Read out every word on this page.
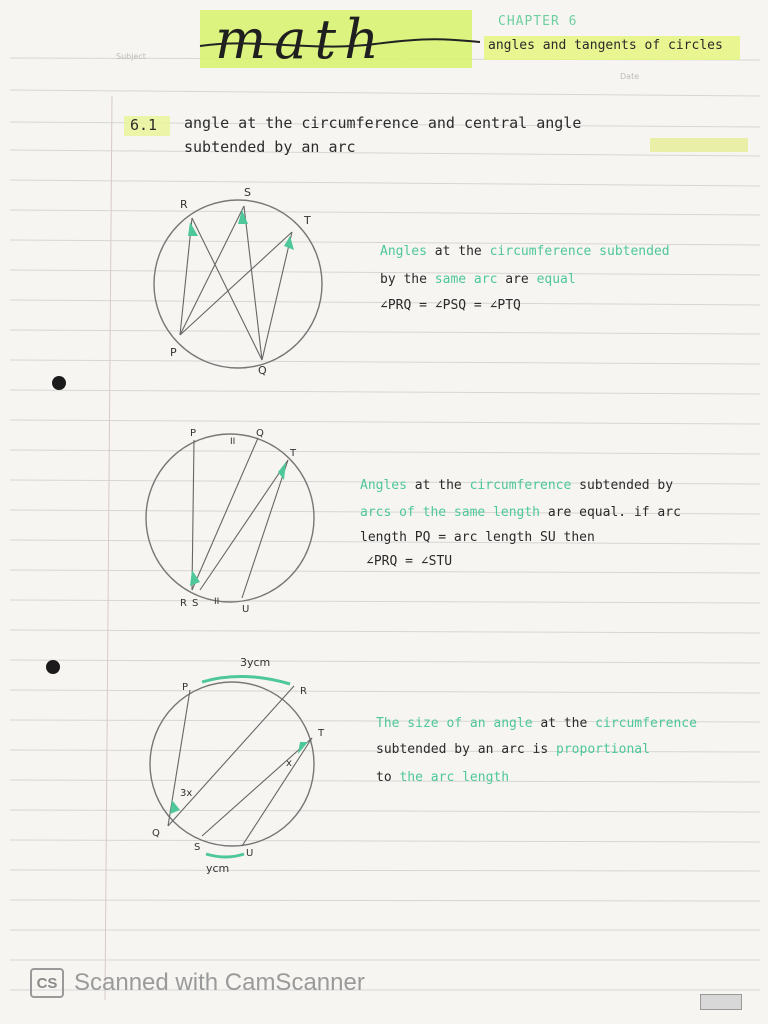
math	CHAPTER 6
angles and tangents of circles
Subject
Date
6.1 angle at the circumference and central angle
subtended by an arc
R
S
T
P
Q
Angles at the circumference subtended
by the same arc are equal
∠PRQ = ∠PSQ = ∠PTQ
II
II
P	Q
T
R S
U
Angles at the circumference subtended by
arcs of the same length are equal. if arc
length PQ = arc length SU then
∠PRQ = ∠STU
3ycm
3x
x
P	R
T
Q
S
U
ycm
The size of an angle at the circumference
subtended by an arc is proportional
to the arc length
CS Scanned with CamScanner
